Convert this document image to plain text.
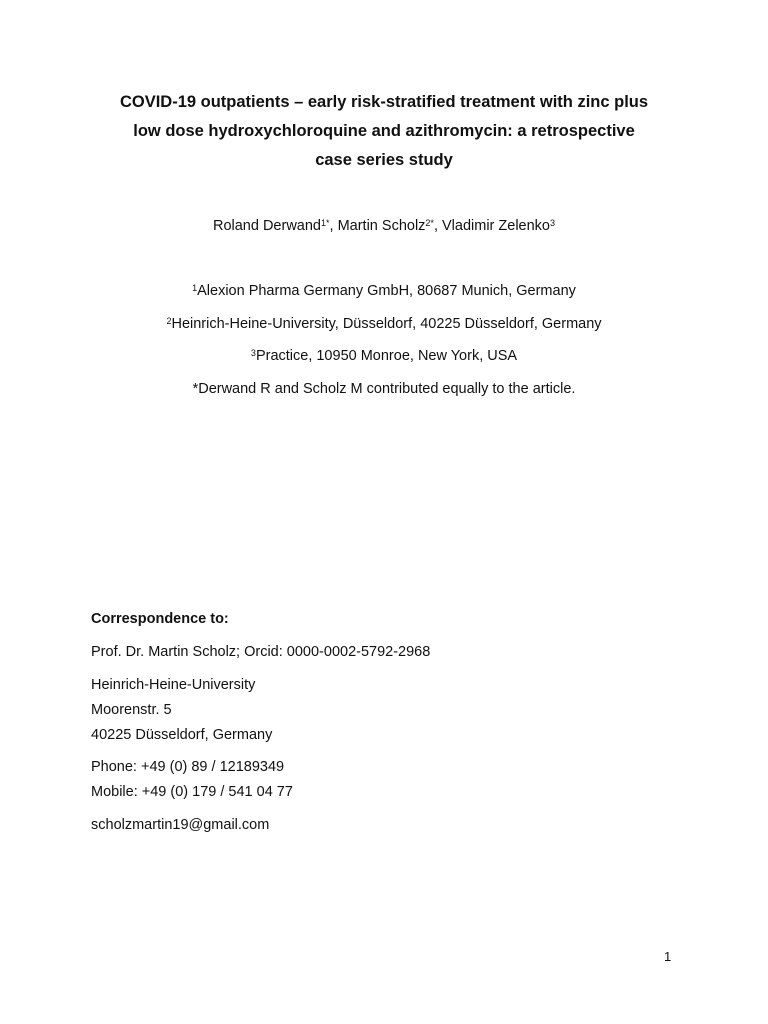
COVID-19 outpatients – early risk-stratified treatment with zinc plus
low dose hydroxychloroquine and azithromycin: a retrospective
case series study
Roland Derwand$^{1*}$, Martin Scholz$^{2*}$, Vladimir Zelenko$^3$
$^1$Alexion Pharma Germany GmbH, 80687 Munich, Germany
$^2$Heinrich-Heine-University, Düsseldorf, 40225 Düsseldorf, Germany
$^3$Practice, 10950 Monroe, New York, USA
*Derwand R and Scholz M contributed equally to the article.
Correspondence to:
Prof. Dr. Martin Scholz; Orcid: 0000-0002-5792-2968
Heinrich-Heine-University
Moorenstr. 5
40225 Düsseldorf, Germany
Phone: +49 (0) 89 / 12189349
Mobile: +49 (0) 179 / 541 04 77
scholzmartin19@gmail.com
1
